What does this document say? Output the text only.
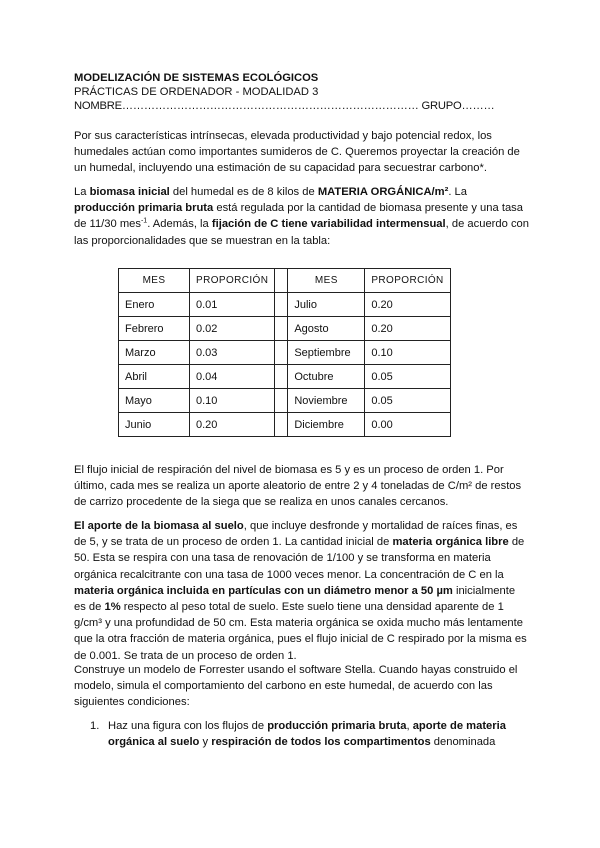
MODELIZACIÓN DE SISTEMAS ECOLÓGICOS
PRÁCTICAS DE ORDENADOR - MODALIDAD 3
NOMBRE……………………………………………………………………… GRUPO………

Por sus características intrínsecas, elevada productividad y bajo potencial redox, los humedales actúan como importantes sumideros de C. Queremos proyectar la creación de un humedal, incluyendo una estimación de su capacidad para secuestrar carbono*.

La biomasa inicial del humedal es de 8 kilos de MATERIA ORGÁNICA/m². La producción primaria bruta está regulada por la cantidad de biomasa presente y una tasa de 11/30 mes$^{-1}$. Además, la fijación de C tiene variabilidad intermensual, de acuerdo con las proporcionalidades que se muestran en la tabla:

MES	PROPORCIÓN		MES	PROPORCIÓN
Enero	0.01		Julio	0.20
Febrero	0.02		Agosto	0.20
Marzo	0.03		Septiembre	0.10
Abril	0.04		Octubre	0.05
Mayo	0.10		Noviembre	0.05
Junio	0.20		Diciembre	0.00

El flujo inicial de respiración del nivel de biomasa es 5 y es un proceso de orden 1. Por último, cada mes se realiza un aporte aleatorio de entre 2 y 4 toneladas de C/m² de restos de carrizo procedente de la siega que se realiza en unos canales cercanos.

El aporte de la biomasa al suelo, que incluye desfronde y mortalidad de raíces finas, es de 5, y se trata de un proceso de orden 1. La cantidad inicial de materia orgánica libre de 50. Esta se respira con una tasa de renovación de 1/100 y se transforma en materia orgánica recalcitrante con una tasa de 1000 veces menor. La concentración de C en la materia orgánica incluida en partículas con un diámetro menor a 50 µm inicialmente es de 1% respecto al peso total de suelo. Este suelo tiene una densidad aparente de 1 g/cm³ y una profundidad de 50 cm. Esta materia orgánica se oxida mucho más lentamente que la otra fracción de materia orgánica, pues el flujo inicial de C respirado por la misma es de 0.001. Se trata de un proceso de orden 1.

Construye un modelo de Forrester usando el software Stella. Cuando hayas construido el modelo, simula el comportamiento del carbono en este humedal, de acuerdo con las siguientes condiciones:

1. Haz una figura con los flujos de producción primaria bruta, aporte de materia orgánica al suelo y respiración de todos los compartimentos denominada
